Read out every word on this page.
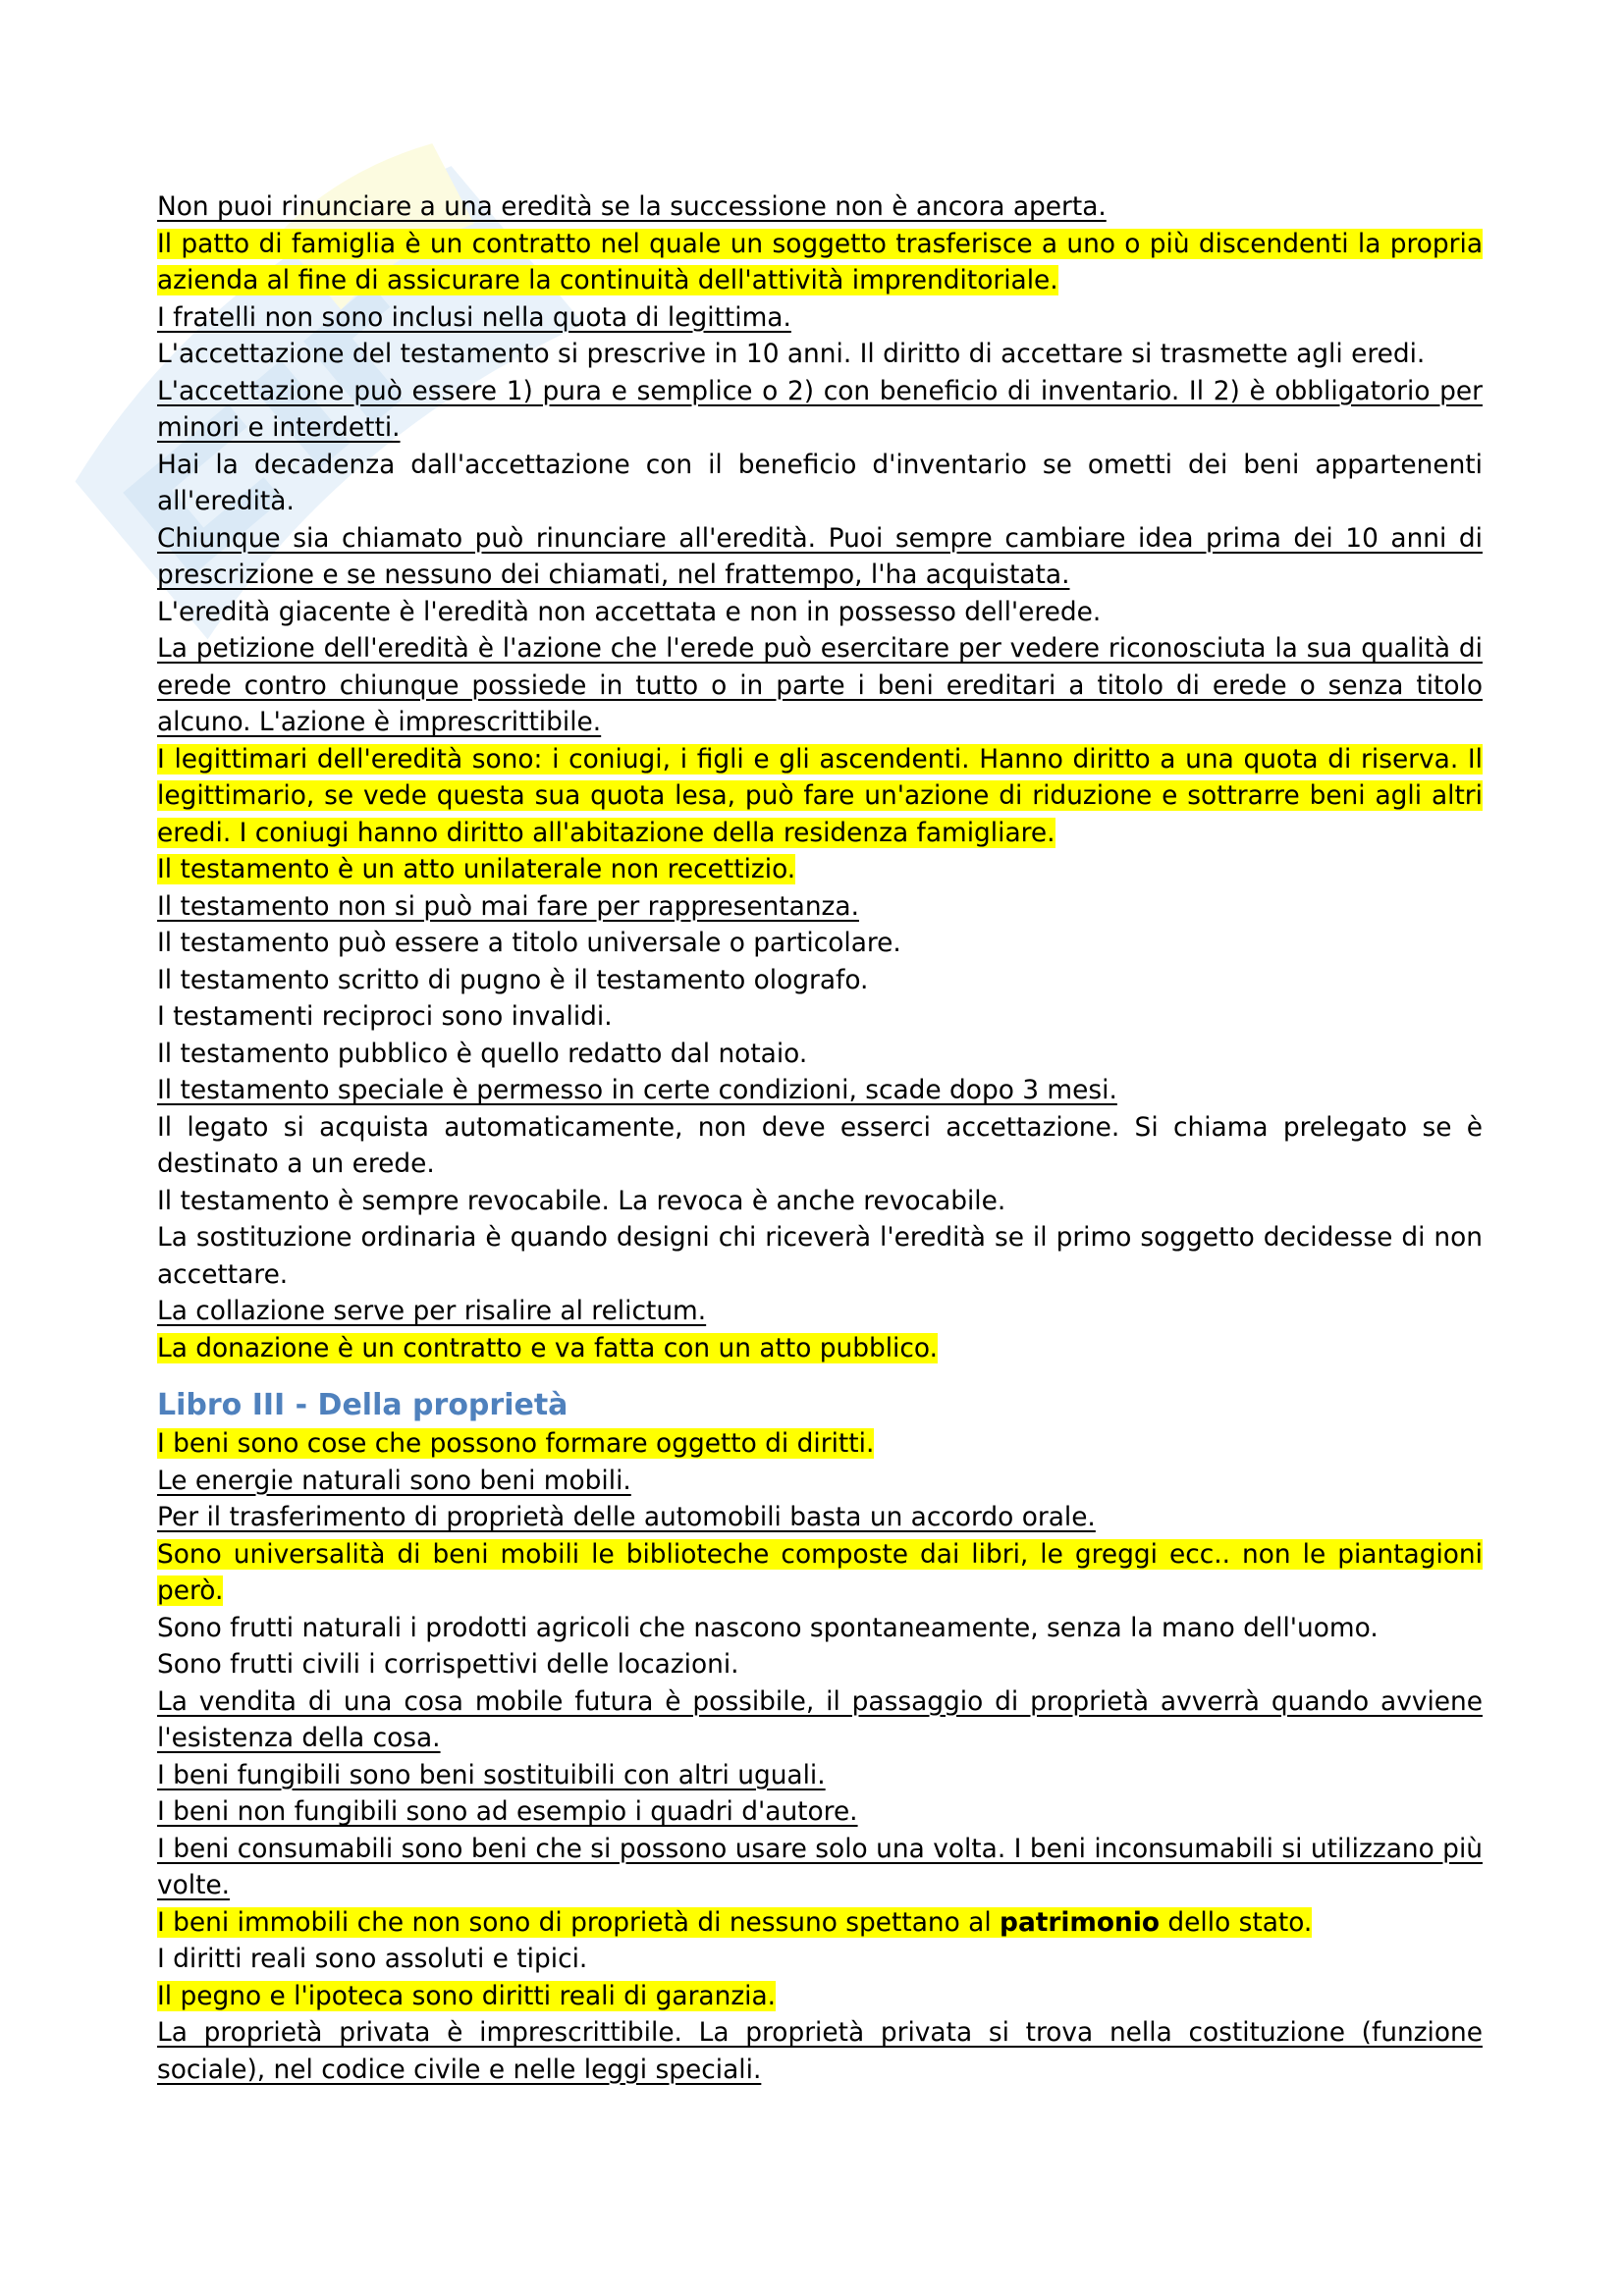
Non puoi rinunciare a una eredità se la successione non è ancora aperta.
Il patto di famiglia è un contratto nel quale un soggetto trasferisce a uno o più discendenti la propria azienda al fine di assicurare la continuità dell'attività imprenditoriale.
I fratelli non sono inclusi nella quota di legittima.
L'accettazione del testamento si prescrive in 10 anni. Il diritto di accettare si trasmette agli eredi.
L'accettazione può essere 1) pura e semplice o 2) con beneficio di inventario. Il 2) è obbligatorio per minori e interdetti.
Hai la decadenza dall'accettazione con il beneficio d'inventario se ometti dei beni appartenenti all'eredità.
Chiunque sia chiamato può rinunciare all'eredità. Puoi sempre cambiare idea prima dei 10 anni di prescrizione e se nessuno dei chiamati, nel frattempo, l'ha acquistata.
L'eredità giacente è l'eredità non accettata e non in possesso dell'erede.
La petizione dell'eredità è l'azione che l'erede può esercitare per vedere riconosciuta la sua qualità di erede contro chiunque possiede in tutto o in parte i beni ereditari a titolo di erede o senza titolo alcuno. L'azione è imprescrittibile.
I legittimari dell'eredità sono: i coniugi, i figli e gli ascendenti. Hanno diritto a una quota di riserva. Il legittimario, se vede questa sua quota lesa, può fare un'azione di riduzione e sottrarre beni agli altri eredi. I coniugi hanno diritto all'abitazione della residenza famigliare.
Il testamento è un atto unilaterale non recettizio.
Il testamento non si può mai fare per rappresentanza.
Il testamento può essere a titolo universale o particolare.
Il testamento scritto di pugno è il testamento olografo.
I testamenti reciproci sono invalidi.
Il testamento pubblico è quello redatto dal notaio.
Il testamento speciale è permesso in certe condizioni, scade dopo 3 mesi.
Il legato si acquista automaticamente, non deve esserci accettazione. Si chiama prelegato se è destinato a un erede.
Il testamento è sempre revocabile. La revoca è anche revocabile.
La sostituzione ordinaria è quando designi chi riceverà l'eredità se il primo soggetto decidesse di non accettare.
La collazione serve per risalire al relictum.
La donazione è un contratto e va fatta con un atto pubblico.
Libro III - Della proprietà
I beni sono cose che possono formare oggetto di diritti.
Le energie naturali sono beni mobili.
Per il trasferimento di proprietà delle automobili basta un accordo orale.
Sono universalità di beni mobili le biblioteche composte dai libri, le greggi ecc.. non le piantagioni però.
Sono frutti naturali i prodotti agricoli che nascono spontaneamente, senza la mano dell'uomo.
Sono frutti civili i corrispettivi delle locazioni.
La vendita di una cosa mobile futura è possibile, il passaggio di proprietà avverrà quando avviene l'esistenza della cosa.
I beni fungibili sono beni sostituibili con altri uguali.
I beni non fungibili sono ad esempio i quadri d'autore.
I beni consumabili sono beni che si possono usare solo una volta. I beni inconsumabili si utilizzano più volte.
I beni immobili che non sono di proprietà di nessuno spettano al patrimonio dello stato.
I diritti reali sono assoluti e tipici.
Il pegno e l'ipoteca sono diritti reali di garanzia.
La proprietà privata è imprescrittibile. La proprietà privata si trova nella costituzione (funzione sociale), nel codice civile e nelle leggi speciali.
